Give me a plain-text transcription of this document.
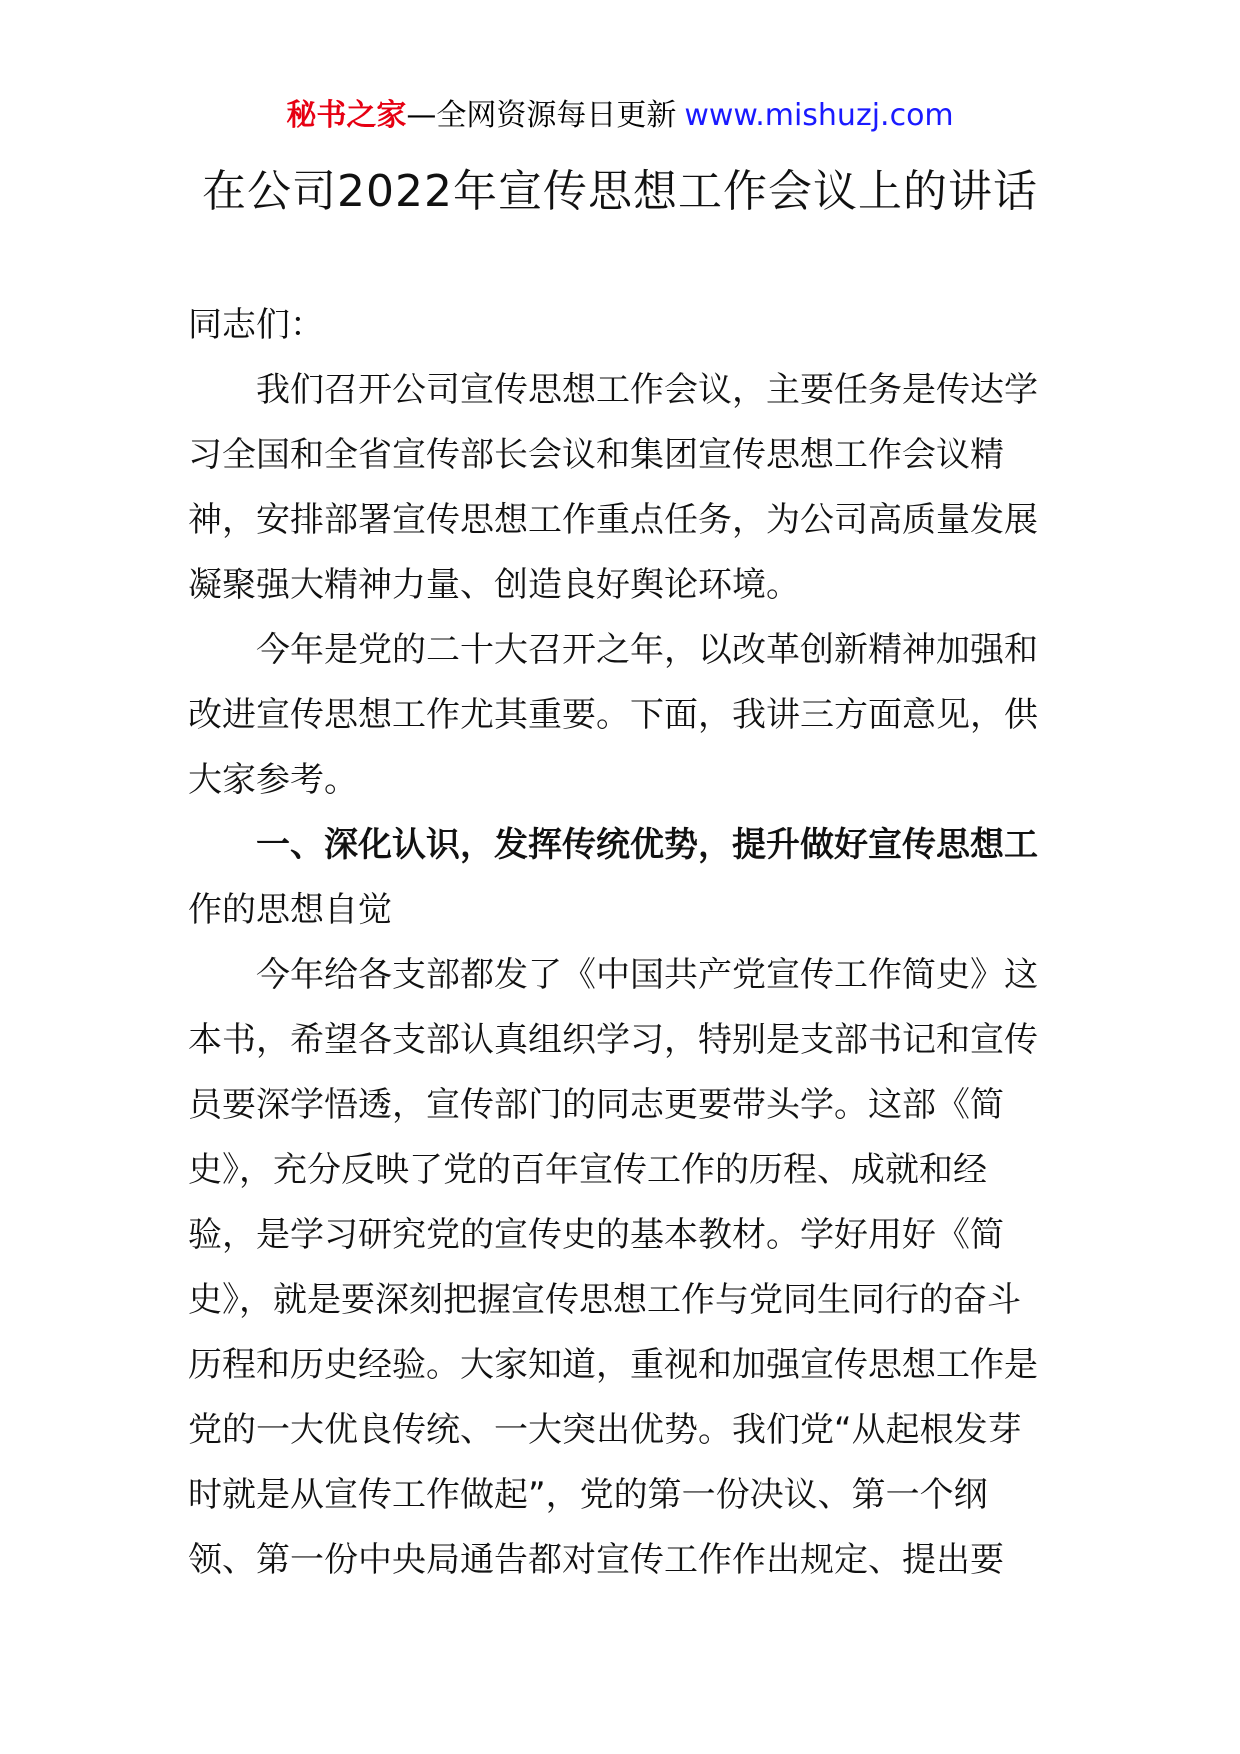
秘书之家—全网资源每日更新 www.mishuzj.com
在公司2022年宣传思想工作会议上的讲话
同志们：
我们召开公司宣传思想工作会议，主要任务是传达学
习全国和全省宣传部长会议和集团宣传思想工作会议精
神，安排部署宣传思想工作重点任务，为公司高质量发展
凝聚强大精神力量、创造良好舆论环境。
今年是党的二十大召开之年，以改革创新精神加强和
改进宣传思想工作尤其重要。下面，我讲三方面意见，供
大家参考。
一、深化认识，发挥传统优势，提升做好宣传思想工
作的思想自觉
今年给各支部都发了《中国共产党宣传工作简史》这
本书，希望各支部认真组织学习，特别是支部书记和宣传
员要深学悟透，宣传部门的同志更要带头学。这部《简
史》，充分反映了党的百年宣传工作的历程、成就和经
验，是学习研究党的宣传史的基本教材。学好用好《简
史》，就是要深刻把握宣传思想工作与党同生同行的奋斗
历程和历史经验。大家知道，重视和加强宣传思想工作是
党的一大优良传统、一大突出优势。我们党“从起根发芽
时就是从宣传工作做起”，党的第一份决议、第一个纲
领、第一份中央局通告都对宣传工作作出规定、提出要
